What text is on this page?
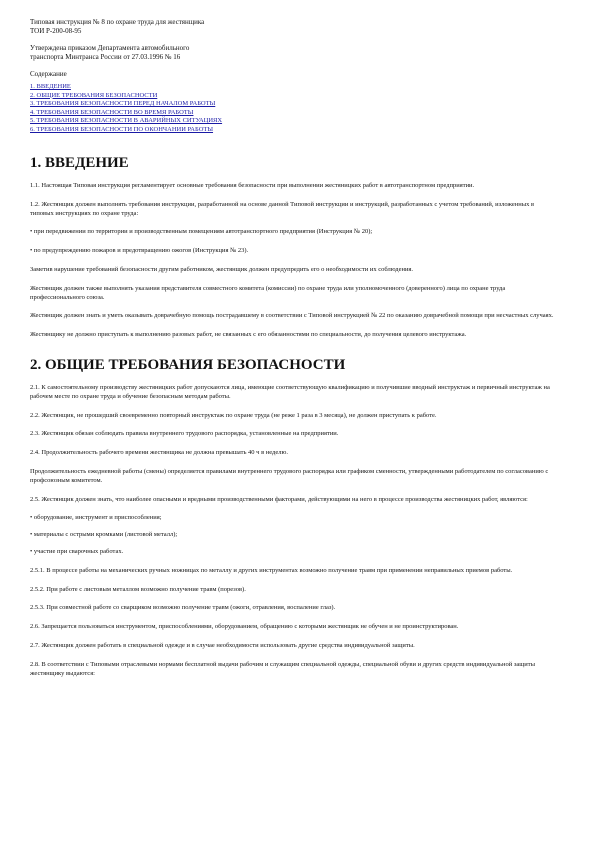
Типовая инструкция № 8 по охране труда для жестянщика

ТОИ Р-200-08-95

Утверждена приказом Департамента автомобильного

транспорта Минтранса России от 27.03.1996 № 16

Содержание

1. ВВЕДЕНИЕ
2. ОБЩИЕ ТРЕБОВАНИЯ БЕЗОПАСНОСТИ
3. ТРЕБОВАНИЯ БЕЗОПАСНОСТИ ПЕРЕД НАЧАЛОМ РАБОТЫ
4. ТРЕБОВАНИЯ БЕЗОПАСНОСТИ ВО ВРЕМЯ РАБОТЫ
5. ТРЕБОВАНИЯ БЕЗОПАСНОСТИ В АВАРИЙНЫХ СИТУАЦИЯХ
6. ТРЕБОВАНИЯ БЕЗОПАСНОСТИ ПО ОКОНЧАНИИ РАБОТЫ
1. ВВЕДЕНИЕ

1.1. Настоящая Типовая инструкция регламентирует основные требования безопасности при выполнении жестяницких работ в автотранспортном предприятии.

1.2. Жестянщик должен выполнять требования инструкции, разработанной на основе данной Типовой инструкции и инструкций, разработанных с учетом требований, изложенных в типовых инструкциях по охране труда:

• при передвижении по территории и производственным помещениям автотранспортного предприятия (Инструкция № 20);

• по предупреждению пожаров и предотвращению ожогов (Инструкция № 23).

Заметив нарушение требований безопасности другим работником, жестянщик должен предупредить его о необходимости их соблюдения.

Жестянщик должен также выполнять указания представителя совместного комитета (комиссии) по охране труда или уполномоченного (доверенного) лица по охране труда профессионального союза.

Жестянщик должен знать и уметь оказывать доврачебную помощь пострадавшему в соответствии с Типовой инструкцией № 22 по оказанию доврачебной помощи при несчастных случаях.

Жестянщику не должно приступать к выполнению разовых работ, не связанных с его обязанностями по специальности, до получения целевого инструктажа.

2. ОБЩИЕ ТРЕБОВАНИЯ БЕЗОПАСНОСТИ

2.1. К самостоятельному производству жестяницких работ допускаются лица, имеющие соответствующую квалификацию и получившие вводный инструктаж и первичный инструктаж на рабочем месте по охране труда и обучение безопасным методам работы.

2.2. Жестянщик, не прошедший своевременно повторный инструктаж по охране труда (не реже 1 раза в 3 месяца), не должен приступать к работе.

2.3. Жестянщик обязан соблюдать правила внутреннего трудового распорядка, установленные на предприятии.

2.4. Продолжительность рабочего времени жестянщика не должна превышать 40 ч в неделю.

Продолжительность ежедневной работы (смены) определяется правилами внутреннего трудового распорядка или графиком сменности, утвержденными работодателем по согласованию с профсоюзным комитетом.

2.5. Жестянщик должен знать, что наиболее опасными и вредными производственными факторами, действующими на него в процессе производства жестяницких работ, являются:

• оборудование, инструмент и приспособления;

• материалы с острыми кромками (листовой металл);

• участие при сварочных работах.

2.5.1. В процессе работы на механических ручных ножницах по металлу и других инструментах возможно получение травм при применении неправильных приемов работы.

2.5.2. При работе с листовым металлом возможно получение травм (порезов).

2.5.3. При совместной работе со сварщиком возможно получение травм (ожоги, отравления, воспаление глаз).

2.6. Запрещается пользоваться инструментом, приспособлениями, оборудованием, обращению с которыми жестянщик не обучен и не проинструктирован.

2.7. Жестянщик должен работать в специальной одежде и в случае необходимости использовать другие средства индивидуальной защиты.

2.8. В соответствии с Типовыми отраслевыми нормами бесплатной выдачи рабочим и служащим специальной одежды, специальной обуви и других средств индивидуальной защиты жестянщику выдаются:
